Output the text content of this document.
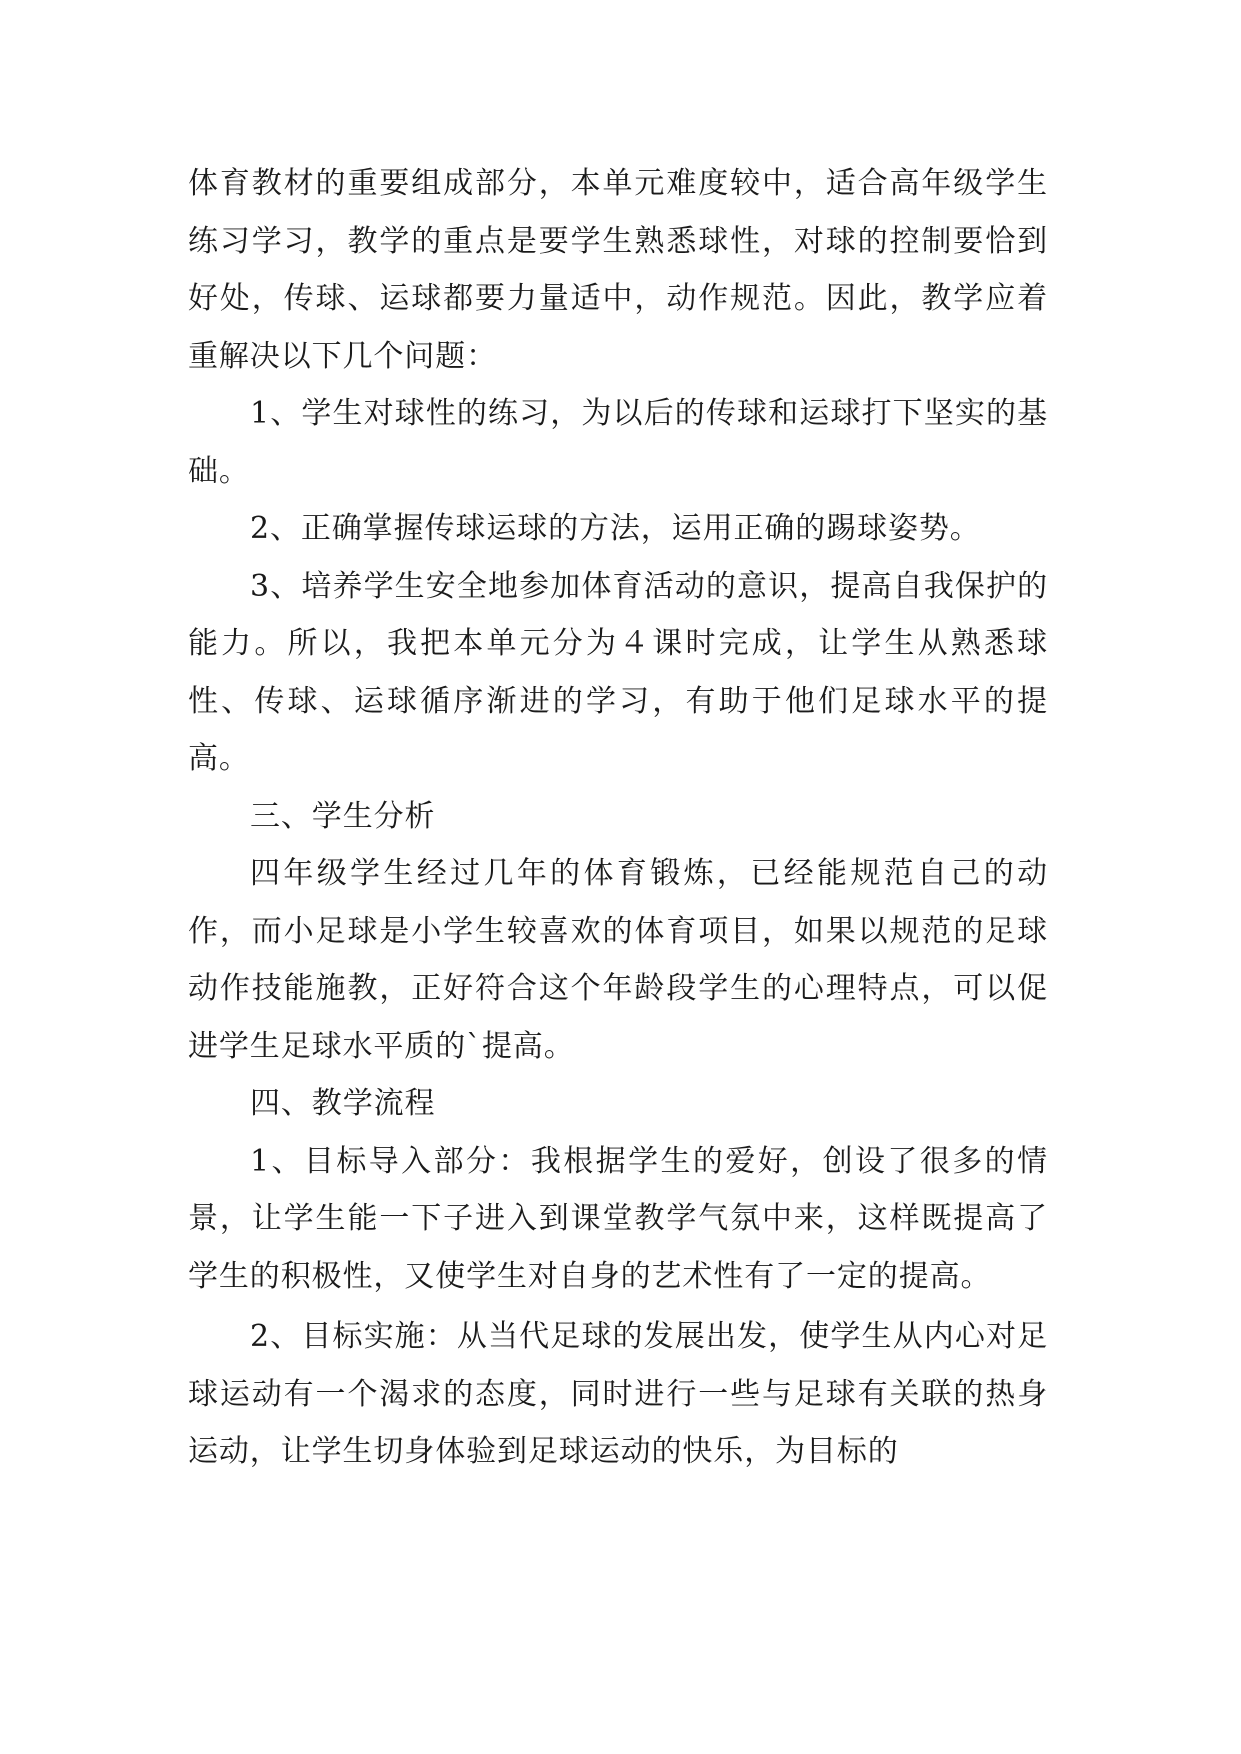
体育教材的重要组成部分，本单元难度较中，适合高年级学生练习学习，教学的重点是要学生熟悉球性，对球的控制要恰到好处，传球、运球都要力量适中，动作规范。因此，教学应着重解决以下几个问题：

1、学生对球性的练习，为以后的传球和运球打下坚实的基础。

2、正确掌握传球运球的方法，运用正确的踢球姿势。

3、培养学生安全地参加体育活动的意识，提高自我保护的能力。所以，我把本单元分为４课时完成，让学生从熟悉球性、传球、运球循序渐进的学习，有助于他们足球水平的提高。

三、学生分析

四年级学生经过几年的体育锻炼，已经能规范自己的动作，而小足球是小学生较喜欢的体育项目，如果以规范的足球动作技能施教，正好符合这个年龄段学生的心理特点，可以促进学生足球水平质的`提高。

四、教学流程

1、目标导入部分：我根据学生的爱好，创设了很多的情景，让学生能一下子进入到课堂教学气氛中来，这样既提高了学生的积极性，又使学生对自身的艺术性有了一定的提高。

2、目标实施：从当代足球的发展出发，使学生从内心对足球运动有一个渴求的态度，同时进行一些与足球有关联的热身运动，让学生切身体验到足球运动的快乐，为目标的
